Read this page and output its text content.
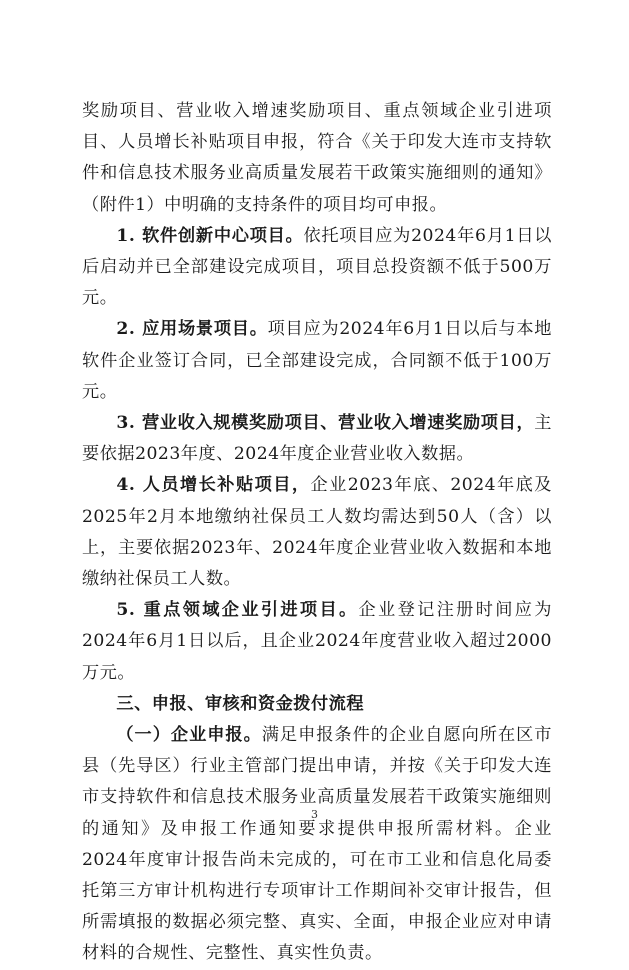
奖励项目、营业收入增速奖励项目、重点领域企业引进项目、人员增长补贴项目申报，符合《关于印发大连市支持软件和信息技术服务业高质量发展若干政策实施细则的通知》（附件1）中明确的支持条件的项目均可申报。

1. 软件创新中心项目。依托项目应为2024年6月1日以后启动并已全部建设完成项目，项目总投资额不低于500万元。

2. 应用场景项目。项目应为2024年6月1日以后与本地软件企业签订合同，已全部建设完成，合同额不低于100万元。

3. 营业收入规模奖励项目、营业收入增速奖励项目，主要依据2023年度、2024年度企业营业收入数据。

4. 人员增长补贴项目，企业2023年底、2024年底及2025年2月本地缴纳社保员工人数均需达到50人（含）以上，主要依据2023年、2024年度企业营业收入数据和本地缴纳社保员工人数。

5. 重点领域企业引进项目。企业登记注册时间应为2024年6月1日以后，且企业2024年度营业收入超过2000万元。

三、申报、审核和资金拨付流程

（一）企业申报。满足申报条件的企业自愿向所在区市县（先导区）行业主管部门提出申请，并按《关于印发大连市支持软件和信息技术服务业高质量发展若干政策实施细则的通知》及申报工作通知要求提供申报所需材料。企业2024年度审计报告尚未完成的，可在市工业和信息化局委托第三方审计机构进行专项审计工作期间补交审计报告，但所需填报的数据必须完整、真实、全面，申报企业应对申请材料的合规性、完整性、真实性负责。

3
